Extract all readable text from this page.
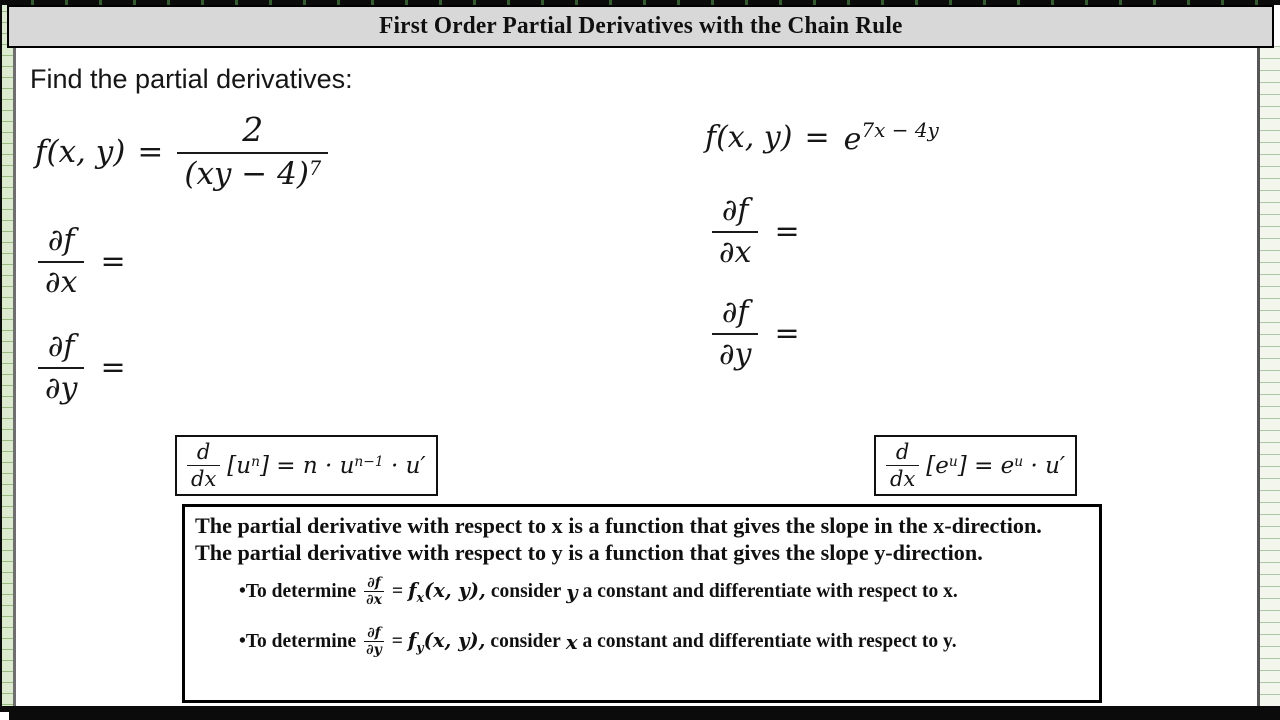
First Order Partial Derivatives with the Chain Rule
Find the partial derivatives:
f(x, $y) = \frac{2}{(xy - 4)^7}$
$\frac{\partial f}{\partial x}$ =
$\frac{\partial f}{\partial y}$ =
f(x, $y) = e^{7x - 4y}$
$\frac{\partial f}{\partial x}$ =
$\frac{\partial f}{\partial y}$ =
$\frac{d}{dx} [u^n] = n \cdot u^{n-1} \cdot u'$	$\frac{d}{dx} [e^u] = e^u \cdot u'$
The partial derivative with respect to x is a function that gives the slope in the x-direction.  The partial derivative with respect to y is a function that gives the slope y-direction.
•To determine $\frac{\partial f}{\partial x} = f_x(x$, y), consider y a constant and differentiate with respect to x.
•To determine $\frac{\partial f}{\partial y} = f_y(x$, y), consider x a constant and differentiate with respect to y.
